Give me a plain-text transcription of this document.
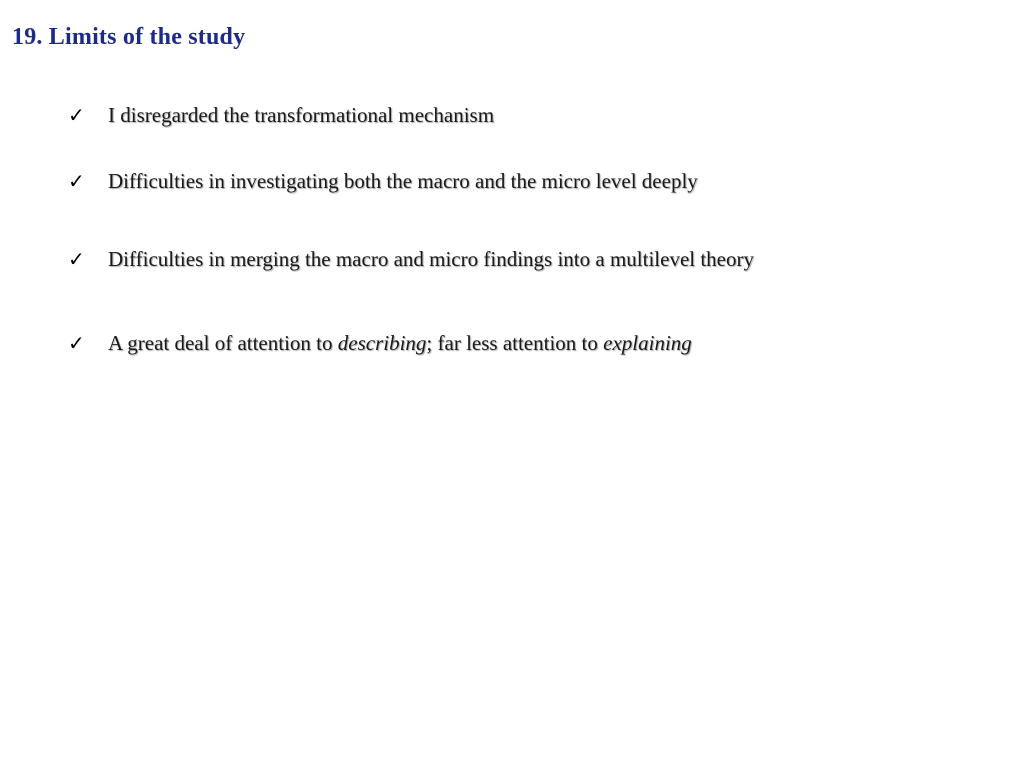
19. Limits of the study
✓	I disregarded the transformational mechanism
✓	Difficulties in investigating both the macro and the micro level deeply
✓	Difficulties in merging the macro and micro findings into a multilevel theory
✓	A great deal of attention to describing; far less attention to explaining
